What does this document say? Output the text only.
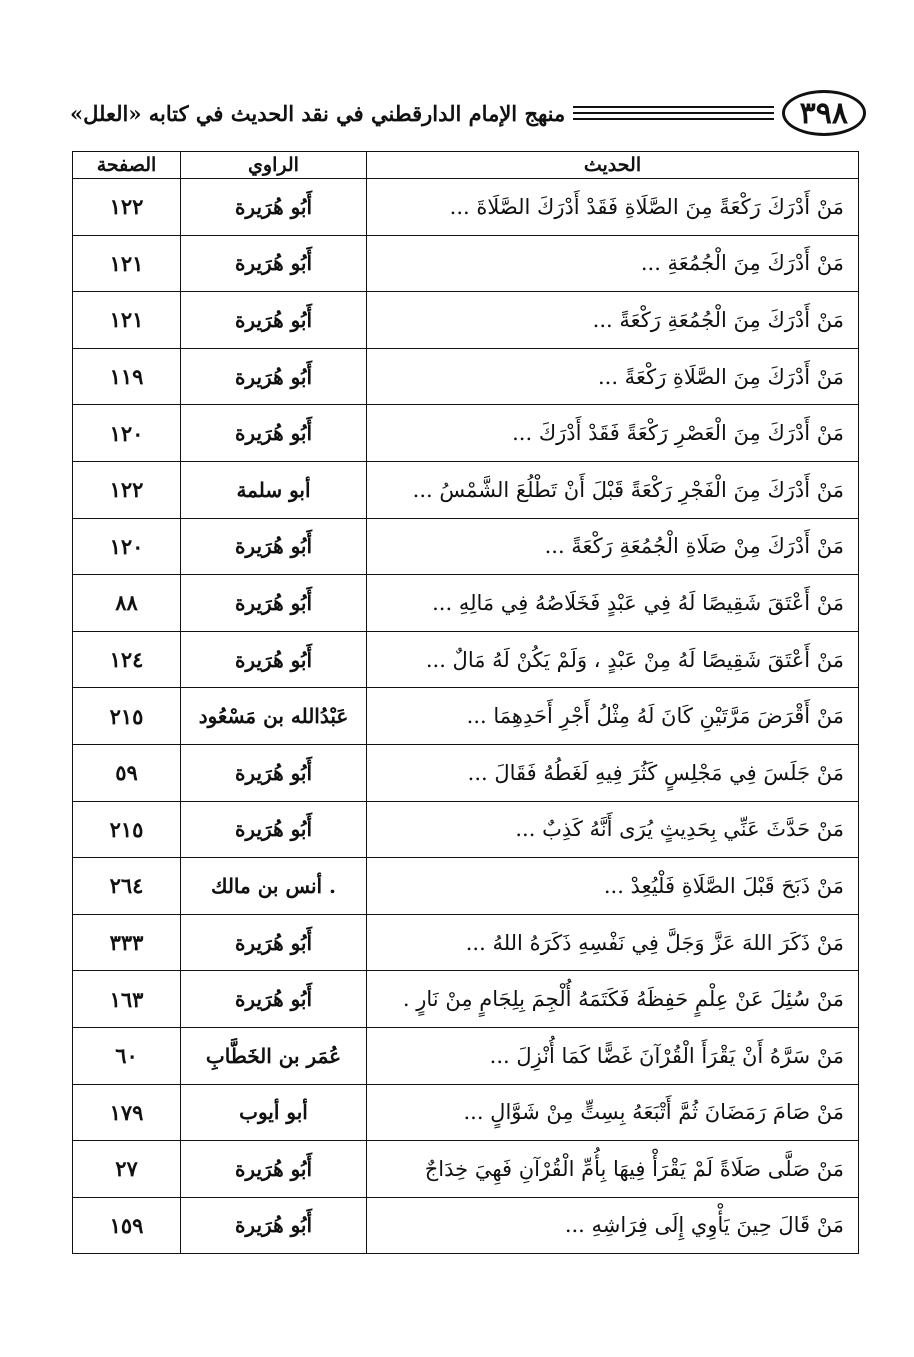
٣٩٨
منهج الإمام الدارقطني في نقد الحديث في كتابه «العلل»
الحديث	الراوي	الصفحة
مَنْ أَدْرَكَ رَكْعَةً مِنَ الصَّلَاةِ فَقَدْ أَدْرَكَ الصَّلَاةَ ...	أَبُو هُرَيرة	١٢٢
مَنْ أَدْرَكَ مِنَ الْجُمُعَةِ ...	أَبُو هُرَيرة	١٢١
مَنْ أَدْرَكَ مِنَ الْجُمُعَةِ رَكْعَةً ...	أَبُو هُرَيرة	١٢١
مَنْ أَدْرَكَ مِنَ الصَّلَاةِ رَكْعَةً ...	أَبُو هُرَيرة	١١٩
مَنْ أَدْرَكَ مِنَ الْعَصْرِ رَكْعَةً فَقَدْ أَدْرَكَ ...	أَبُو هُرَيرة	١٢٠
مَنْ أَدْرَكَ مِنَ الْفَجْرِ رَكْعَةً قَبْلَ أَنْ تَطْلُعَ الشَّمْسُ ...	أبو سلمة	١٢٢
مَنْ أَدْرَكَ مِنْ صَلَاةِ الْجُمُعَةِ رَكْعَةً ...	أَبُو هُرَيرة	١٢٠
مَنْ أَعْتَقَ شَقِيصًا لَهُ فِي عَبْدٍ فَخَلَاصُهُ فِي مَالِهِ ...	أَبُو هُرَيرة	٨٨
مَنْ أَعْتَقَ شَقِيصًا لَهُ مِنْ عَبْدٍ ، وَلَمْ يَكُنْ لَهُ مَالٌ ...	أَبُو هُرَيرة	١٢٤
مَنْ أَقْرَضَ مَرَّتَيْنِ كَانَ لَهُ مِثْلُ أَجْرِ أَحَدِهِمَا ...	عَبْدُالله بن مَسْعُود	٢١٥
مَنْ جَلَسَ فِي مَجْلِسٍ كَثُرَ فِيهِ لَغَطُهُ فَقَالَ ...	أَبُو هُرَيرة	٥٩
مَنْ حَدَّثَ عَنِّي بِحَدِيثٍ يُرَى أَنَّهُ كَذِبٌ ...	أَبُو هُرَيرة	٢١٥
مَنْ ذَبَحَ قَبْلَ الصَّلَاةِ فَلْيُعِدْ ...	. أنس بن مالك	٢٦٤
مَنْ ذَكَرَ اللهَ عَزَّ وَجَلَّ فِي نَفْسِهِ ذَكَرَهُ اللهُ ...	أَبُو هُرَيرة	٣٣٣
مَنْ سُئِلَ عَنْ عِلْمٍ حَفِظَهُ فَكَتَمَهُ أُلْجِمَ بِلِجَامٍ مِنْ نَارٍ .	أَبُو هُرَيرة	١٦٣
مَنْ سَرَّهُ أَنْ يَقْرَأَ الْقُرْآنَ غَضًّا كَمَا أُنْزِلَ ...	عُمَر بن الخَطَّابِ	٦٠
مَنْ صَامَ رَمَضَانَ ثُمَّ أَتْبَعَهُ بِسِتٍّ مِنْ شَوَّالٍ ...	أبو أيوب	١٧٩
مَنْ صَلَّى صَلَاةً لَمْ يَقْرَأْ فِيهَا بِأُمِّ الْقُرْآنِ فَهِيَ خِدَاجٌ	أَبُو هُرَيرة	٢٧
مَنْ قَالَ حِينَ يَأْوِي إِلَى فِرَاشِهِ ...	أَبُو هُرَيرة	١٥٩
